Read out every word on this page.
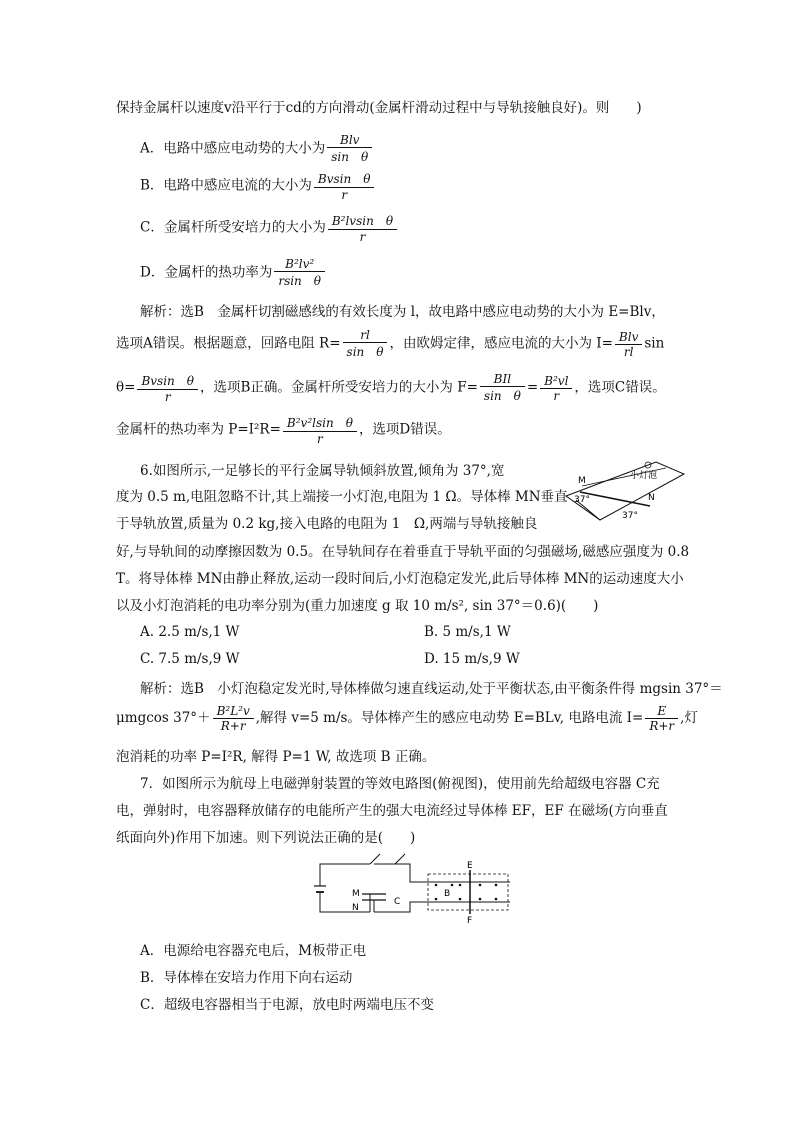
保持金属杆以速度v沿平行于cd的方向滑动(金属杆滑动过程中与导轨接触良好)。则　　)
A．电路中感应电动势的大小为 $\frac{\text{Blv}}{\text{sin　θ}}$
B．电路中感应电流的大小为 $\frac{\text{Bvsin　θ}}{r}$
C．金属杆所受安培力的大小为 $\frac{\text{B²lvsin　θ}}{r}$
D．金属杆的热功率为 $\frac{\text{B²lv²}}{\text{rsin　θ}}$
解析：选B　金属杆切割磁感线的有效长度为 l，故电路中感应电动势的大小为 E=Blv，
选项A错误。根据题意，回路电阻 $R= \frac{rl}{\text{sin　θ}}$ ，由欧姆定律，感应电流的大小为 $I= \frac{\text{Blv}}{rl}$ sin
$\theta= \frac{\text{Bvsin　θ}}{r}$ ，选项B正确。金属杆所受安培力的大小为 $F= \frac{\text{BIl}}{\text{sin　θ}} = \frac{\text{B²vl}}{r}$ ，选项C错误。
金属杆的热功率为 $P=I^2R= \frac{\text{B²v²lsin　θ}}{r}$ ，选项D错误。
6.如图所示,一足够长的平行金属导轨倾斜放置,倾角为 37°,宽
度为 0.5 m,电阻忽略不计,其上端接一小灯泡,电阻为 1 Ω。导体棒 MN垂直
于导轨放置,质量为 0.2 kg,接入电路的电阻为 1　Ω,两端与导轨接触良
好,与导轨间的动摩擦因数为 0.5。在导轨间存在着垂直于导轨平面的匀强磁场,磁感应强度为 0.8
T。将导体棒 MN由静止释放,运动一段时间后,小灯泡稳定发光,此后导体棒 MN的运动速度大小
以及小灯泡消耗的电功率分别为(重力加速度 g 取 10 m/s², sin 37°＝0.6)(　　)
M
N
小灯泡
37°
37°
A. 2.5 m/s,1 W	B. 5 m/s,1 W
C. 7.5 m/s,9 W	D. 15 m/s,9 W
解析：选B　小灯泡稳定发光时,导体棒做匀速直线运动,处于平衡状态,由平衡条件得 mgsin 37°＝
μmgcos $37^\circ+ \frac{\text{B²L²v}}{R+r}$ ,解得 v=5 m/s。导体棒产生的感应电动势 E=BLv, 电路电流 $I= \frac{E}{R+r}$ ,灯
泡消耗的功率 P=I²R, 解得 P=1 W, 故选项 B 正确。
7．如图所示为航母上电磁弹射装置的等效电路图(俯视图)，使用前先给超级电容器 C充
电，弹射时，电容器释放储存的电能所产生的强大电流经过导体棒 EF，EF 在磁场(方向垂直
纸面向外)作用下加速。则下列说法正确的是(　　)
M
N
C
B
E
F
A．电源给电容器充电后，M板带正电
B．导体棒在安培力作用下向右运动
C．超级电容器相当于电源，放电时两端电压不变
